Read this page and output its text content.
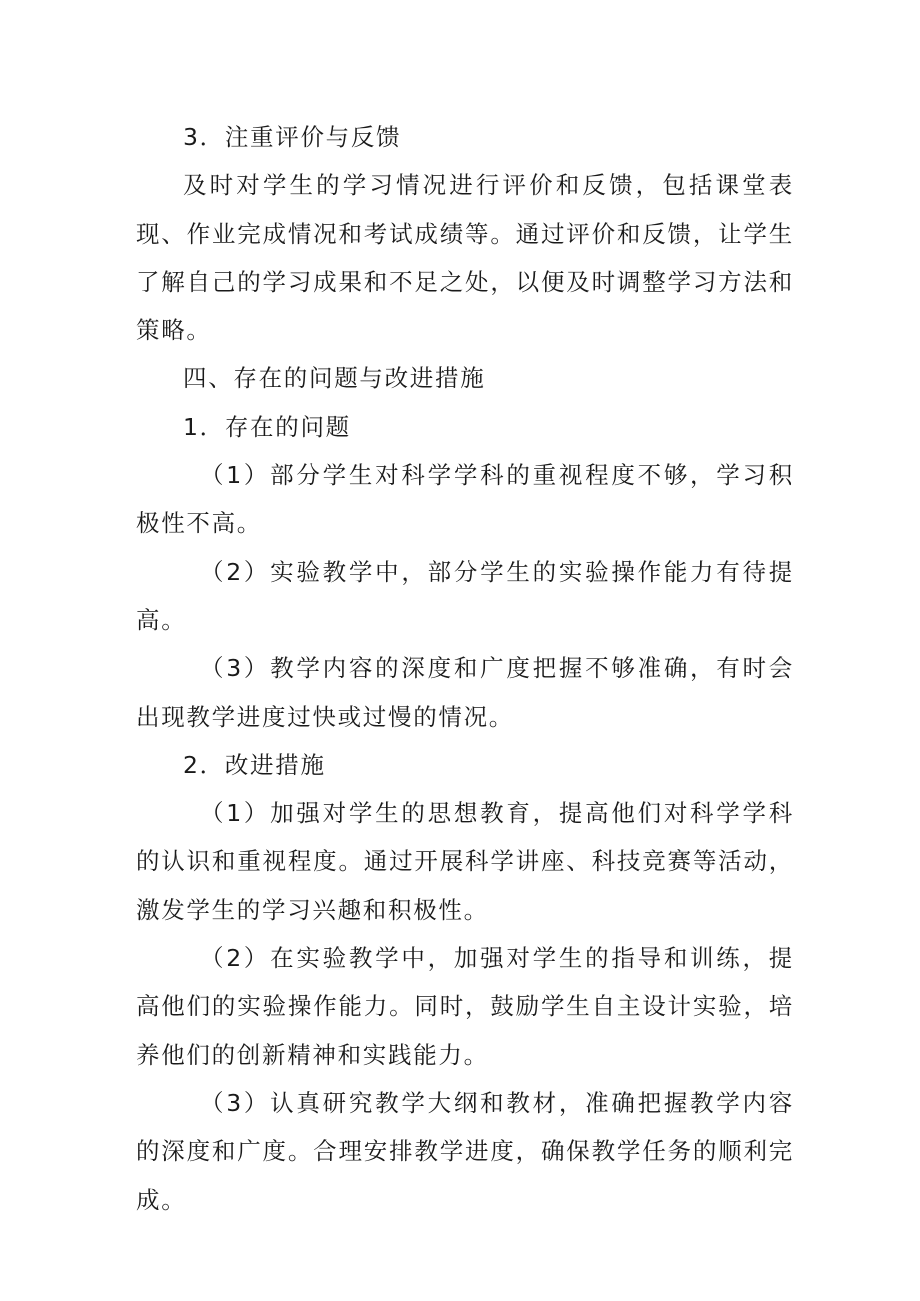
3．注重评价与反馈

及时对学生的学习情况进行评价和反馈，包括课堂表现、作业完成情况和考试成绩等。通过评价和反馈，让学生了解自己的学习成果和不足之处，以便及时调整学习方法和策略。

四、存在的问题与改进措施

1．存在的问题

（1）部分学生对科学学科的重视程度不够，学习积极性不高。

（2）实验教学中，部分学生的实验操作能力有待提高。

（3）教学内容的深度和广度把握不够准确，有时会出现教学进度过快或过慢的情况。

2．改进措施

（1）加强对学生的思想教育，提高他们对科学学科的认识和重视程度。通过开展科学讲座、科技竞赛等活动，激发学生的学习兴趣和积极性。

（2）在实验教学中，加强对学生的指导和训练，提高他们的实验操作能力。同时，鼓励学生自主设计实验，培养他们的创新精神和实践能力。

（3）认真研究教学大纲和教材，准确把握教学内容的深度和广度。合理安排教学进度，确保教学任务的顺利完成。
